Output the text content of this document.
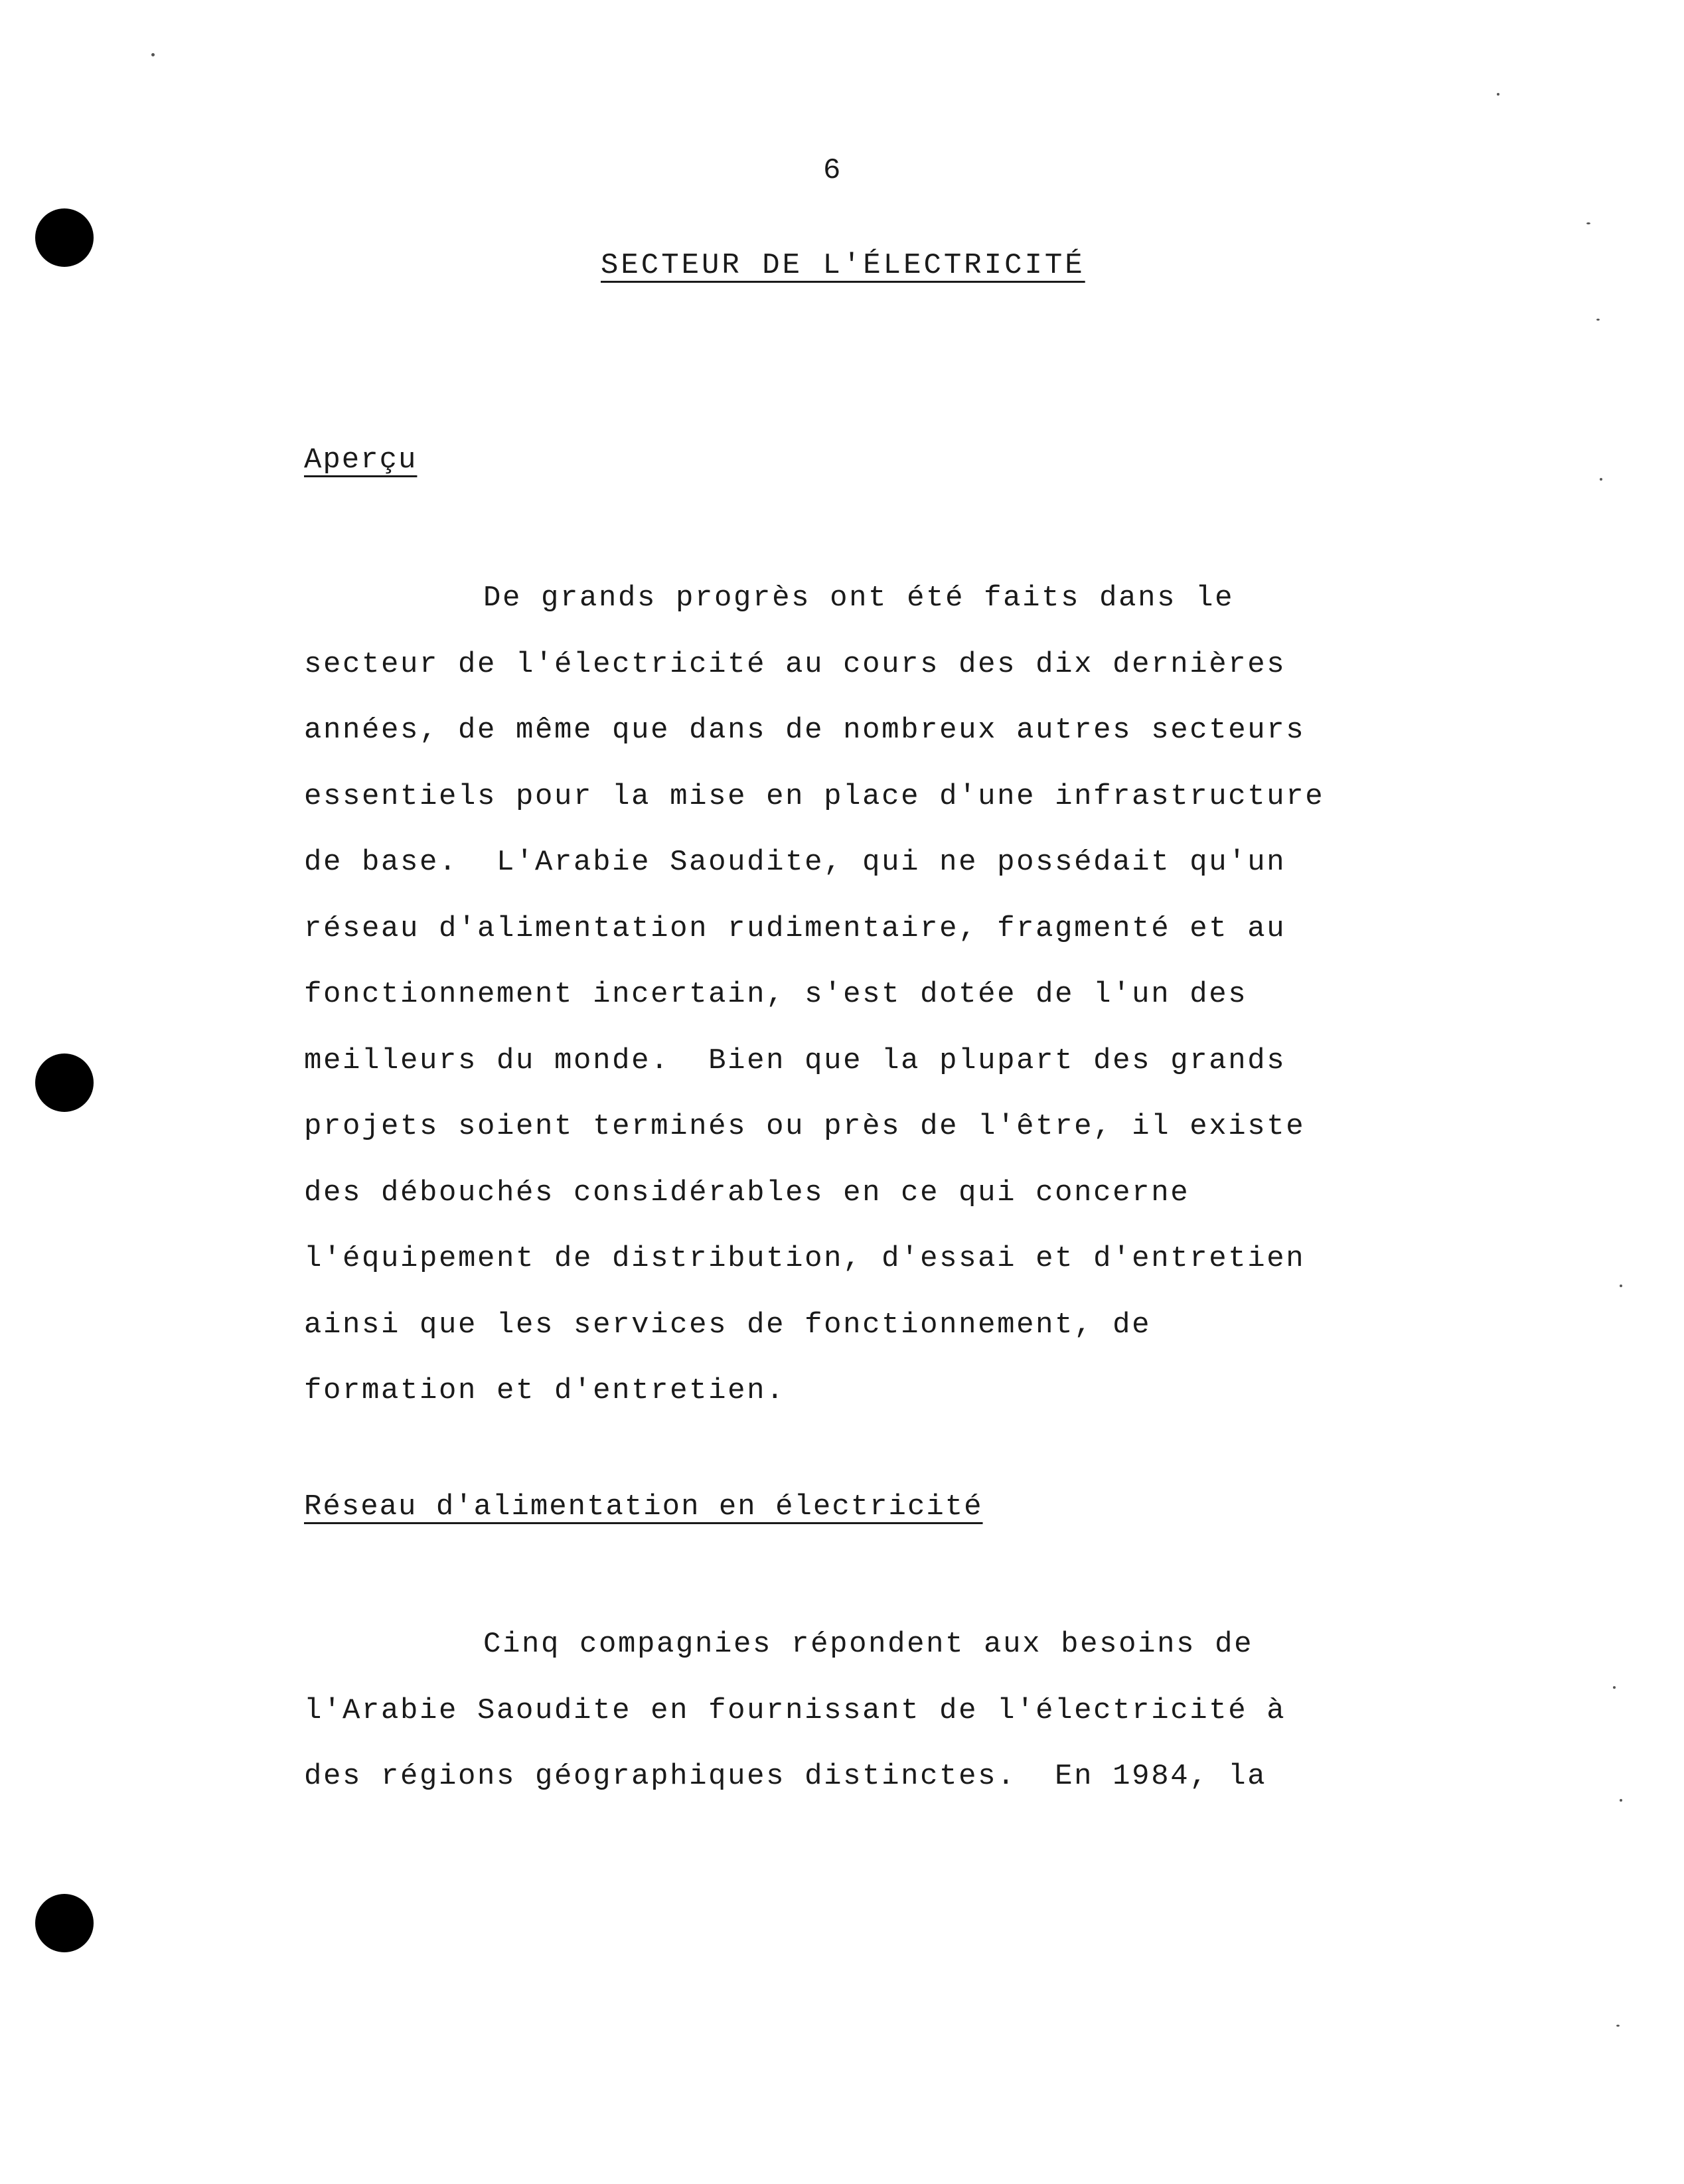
6
SECTEUR DE L'ÉLECTRICITÉ
Aperçu
De grands progrès ont été faits dans le
secteur de l'électricité au cours des dix dernières
années, de même que dans de nombreux autres secteurs
essentiels pour la mise en place d'une infrastructure
de base.  L'Arabie Saoudite, qui ne possédait qu'un
réseau d'alimentation rudimentaire, fragmenté et au
fonctionnement incertain, s'est dotée de l'un des
meilleurs du monde.  Bien que la plupart des grands
projets soient terminés ou près de l'être, il existe
des débouchés considérables en ce qui concerne
l'équipement de distribution, d'essai et d'entretien
ainsi que les services de fonctionnement, de
formation et d'entretien.
Réseau d'alimentation en électricité
Cinq compagnies répondent aux besoins de
l'Arabie Saoudite en fournissant de l'électricité à
des régions géographiques distinctes.  En 1984, la
